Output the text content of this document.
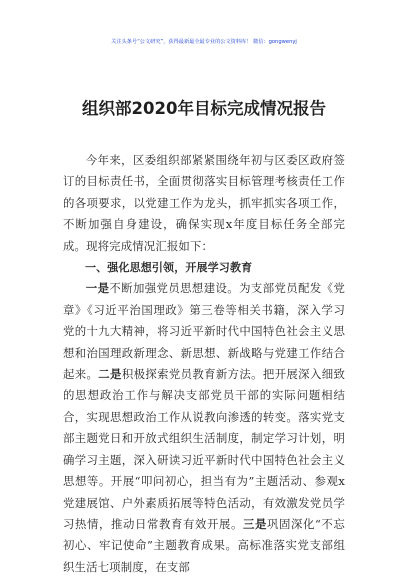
关注头条号“公文研究”，获得最新最全最专业的公文资料库！ 微信：gongwenyj
组织部2020年目标完成情况报告

今年来，区委组织部紧紧围绕年初与区委区政府签订的目标责任书，全面贯彻落实目标管理考核责任工作的各项要求，以党建工作为龙头，抓牢抓实各项工作，不断加强自身建设，确保实现x年度目标任务全部完成。现将完成情况汇报如下：

一、强化思想引领，开展学习教育

一是不断加强党员思想建设。为支部党员配发《党章》《习近平治国理政》第三卷等相关书籍，深入学习党的十九大精神，将习近平新时代中国特色社会主义思想和治国理政新理念、新思想、新战略与党建工作结合起来。二是积极探索党员教育新方法。把开展深入细致的思想政治工作与解决支部党员干部的实际问题相结合，实现思想政治工作从说教向渗透的转变。落实党支部主题党日和开放式组织生活制度，制定学习计划，明确学习主题，深入研读习近平新时代中国特色社会主义思想等。开展“叩问初心，担当有为”主题活动、参观x党建展馆、户外素质拓展等特色活动，有效激发党员学习热情，推动日常教育有效开展。三是巩固深化“不忘初心、牢记使命”主题教育成果。高标准落实党支部组织生活七项制度，在支部
